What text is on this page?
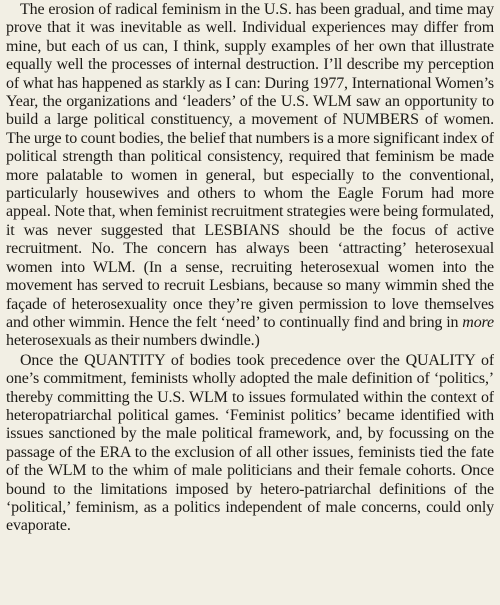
The erosion of radical feminism in the U.S. has been gradual, and time may prove that it was inevitable as well. Individual experiences may differ from mine, but each of us can, I think, supply examples of her own that illustrate equally well the processes of internal destruction. I’ll describe my perception of what has happened as starkly as I can: During 1977, International Women’s Year, the organizations and ‘leaders’ of the U.S. WLM saw an opportunity to build a large political constituency, a movement of NUMBERS of women. The urge to count bodies, the belief that numbers is a more significant index of political strength than political consistency, required that feminism be made more palatable to women in general, but especially to the conventional, particularly housewives and others to whom the Eagle Forum had more appeal. Note that, when feminist recruitment strategies were being formulated, it was never suggested that LESBIANS should be the focus of active recruitment. No. The concern has always been ‘attracting’ heterosexual women into WLM. (In a sense, recruiting heterosexual women into the movement has served to recruit Lesbians, because so many wimmin shed the façade of heterosexuality once they’re given permission to love themselves and other wimmin. Hence the felt ‘need’ to continually find and bring in more heterosexuals as their numbers dwindle.)

Once the QUANTITY of bodies took precedence over the QUALITY of one’s commitment, feminists wholly adopted the male definition of ‘politics,’ thereby committing the U.S. WLM to issues formulated within the context of heteropatriarchal political games. ‘Feminist politics’ became identified with issues sanctioned by the male political framework, and, by focussing on the passage of the ERA to the exclusion of all other issues, feminists tied the fate of the WLM to the whim of male politicians and their female cohorts. Once bound to the limitations imposed by hetero-patriarchal definitions of the ‘political,’ feminism, as a politics independent of male concerns, could only evaporate.
